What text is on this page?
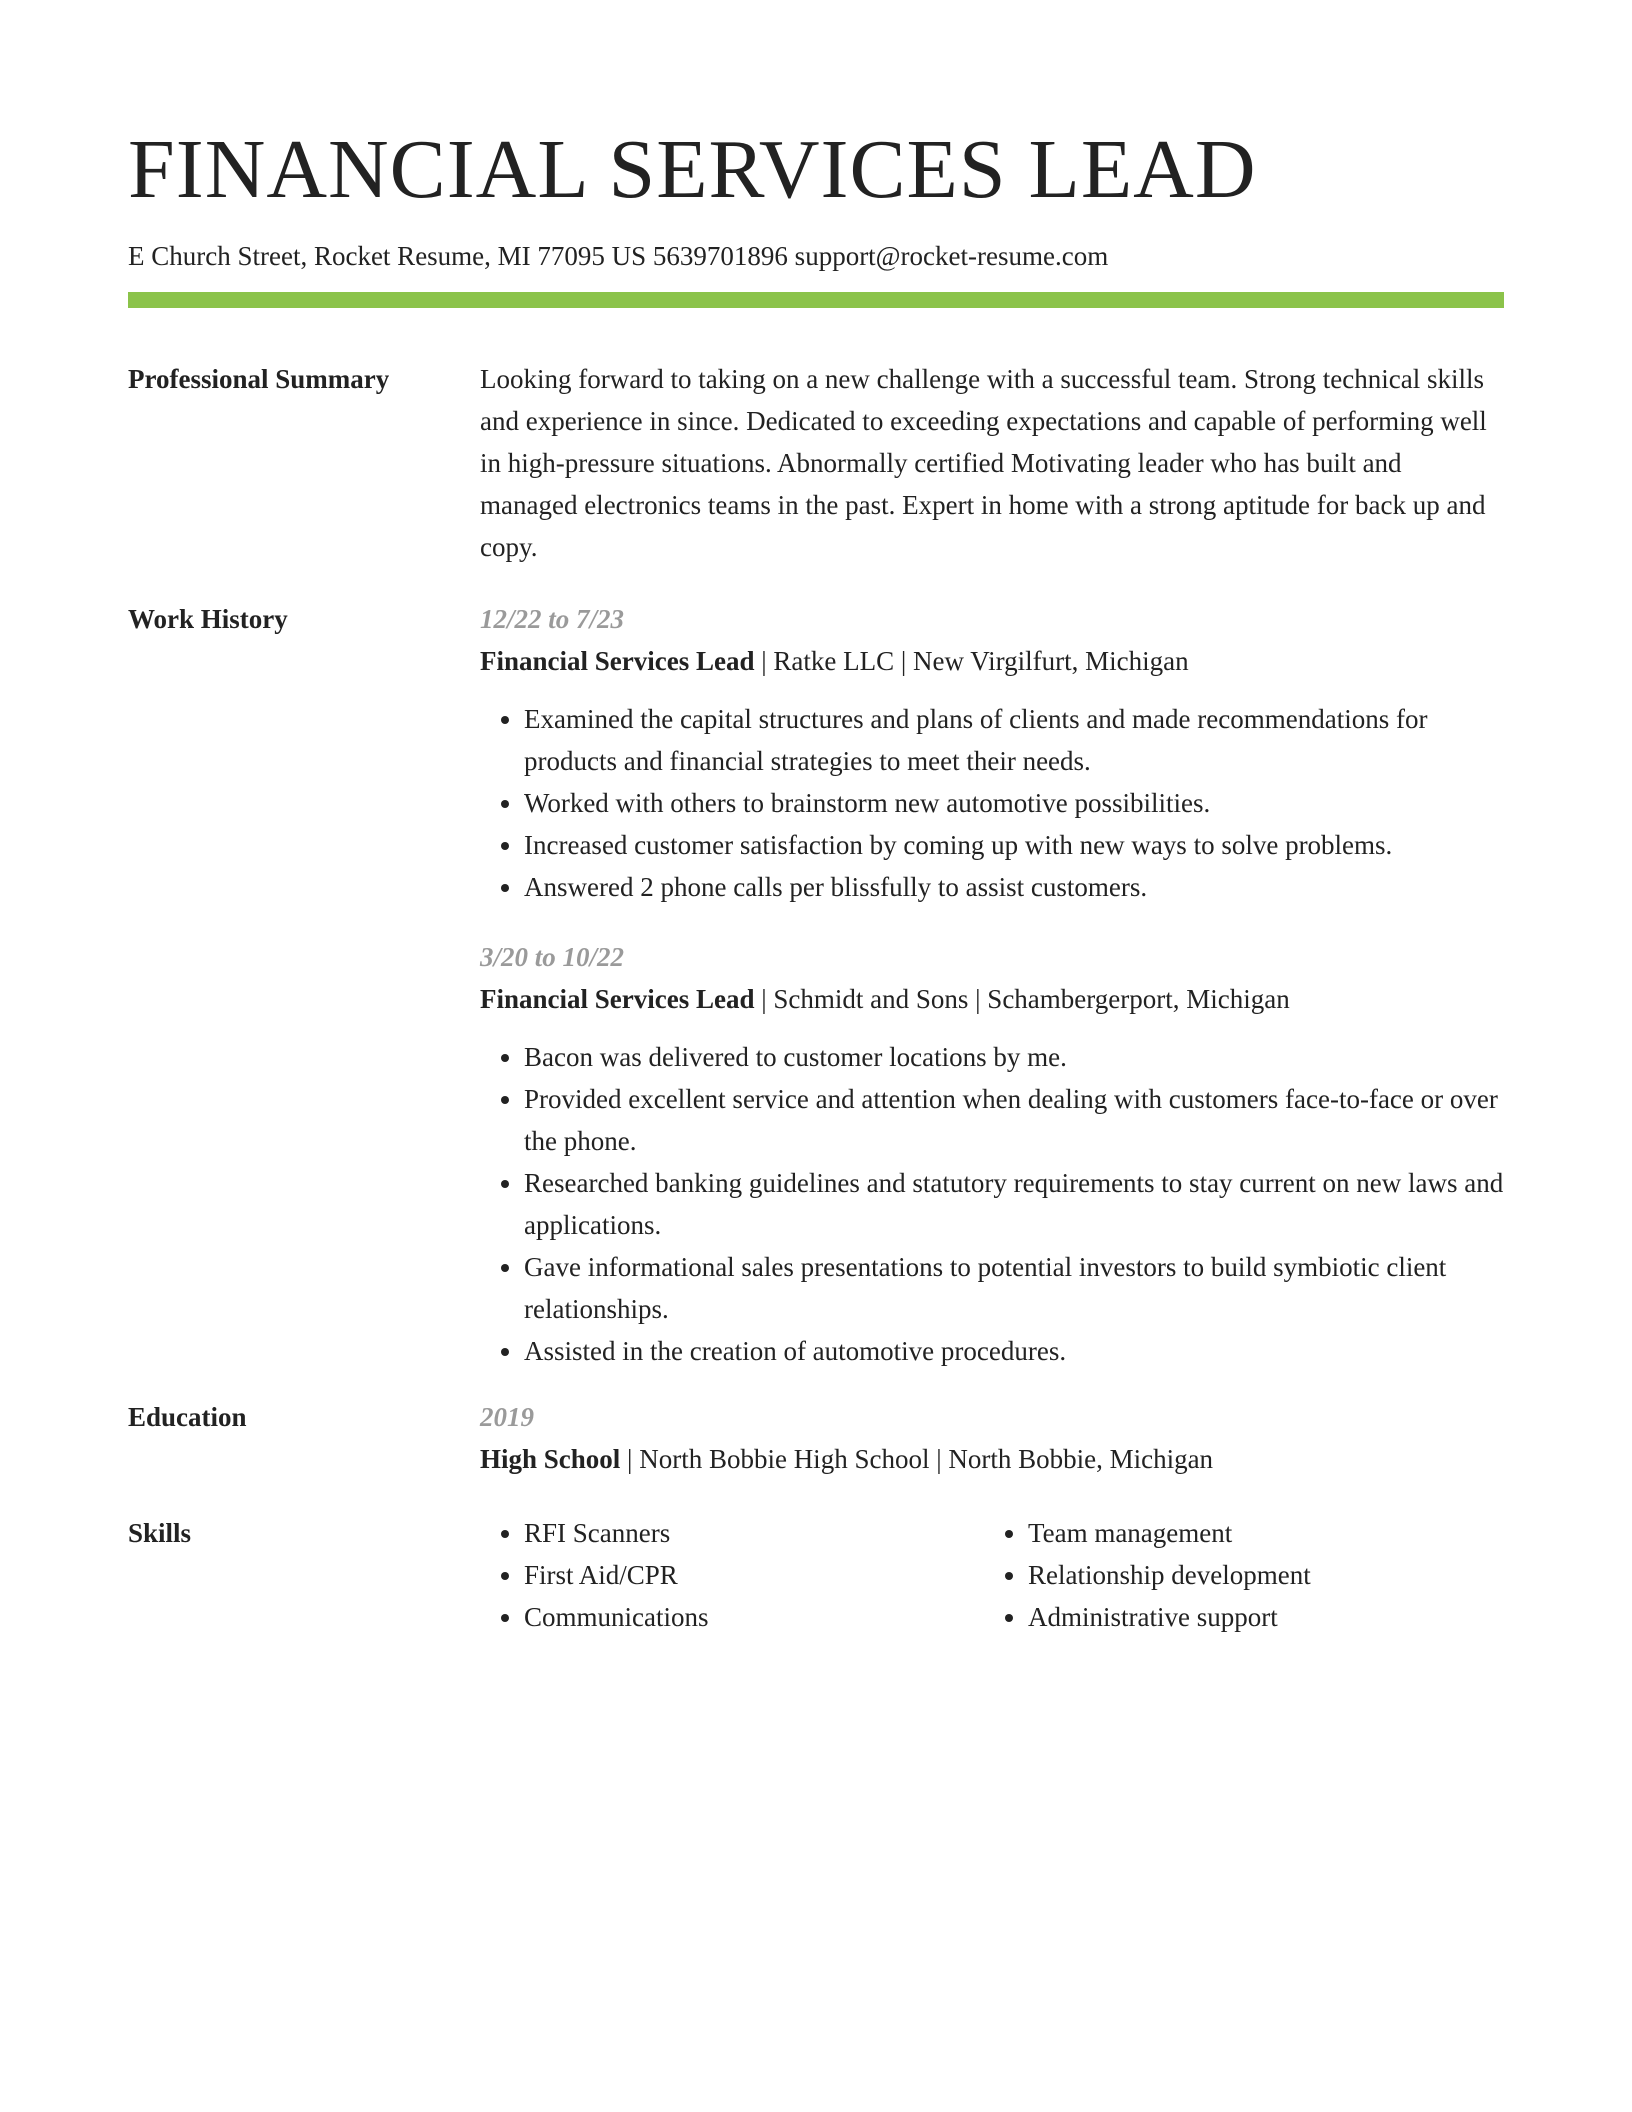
FINANCIAL SERVICES LEAD
E Church Street, Rocket Resume, MI 77095 US 5639701896 support@rocket-resume.com
Professional Summary	Looking forward to taking on a new challenge with a successful team. Strong technical skills and experience in since. Dedicated to exceeding expectations and capable of performing well in high-pressure situations. Abnormally certified Motivating leader who has built and managed electronics teams in the past. Expert in home with a strong aptitude for back up and copy.
Work History	12/22 to 7/23
Financial Services Lead | Ratke LLC | New Virgilfurt, Michigan
• Examined the capital structures and plans of clients and made recommendations for products and financial strategies to meet their needs.
• Worked with others to brainstorm new automotive possibilities.
• Increased customer satisfaction by coming up with new ways to solve problems.
• Answered 2 phone calls per blissfully to assist customers.
3/20 to 10/22
Financial Services Lead | Schmidt and Sons | Schambergerport, Michigan
• Bacon was delivered to customer locations by me.
• Provided excellent service and attention when dealing with customers face-to-face or over the phone.
• Researched banking guidelines and statutory requirements to stay current on new laws and applications.
• Gave informational sales presentations to potential investors to build symbiotic client relationships.
• Assisted in the creation of automotive procedures.
Education	2019
High School | North Bobbie High School | North Bobbie, Michigan
Skills
•	RFI Scanners
• First Aid/CPR
• Communications
• Team management
• Relationship development
• Administrative support
